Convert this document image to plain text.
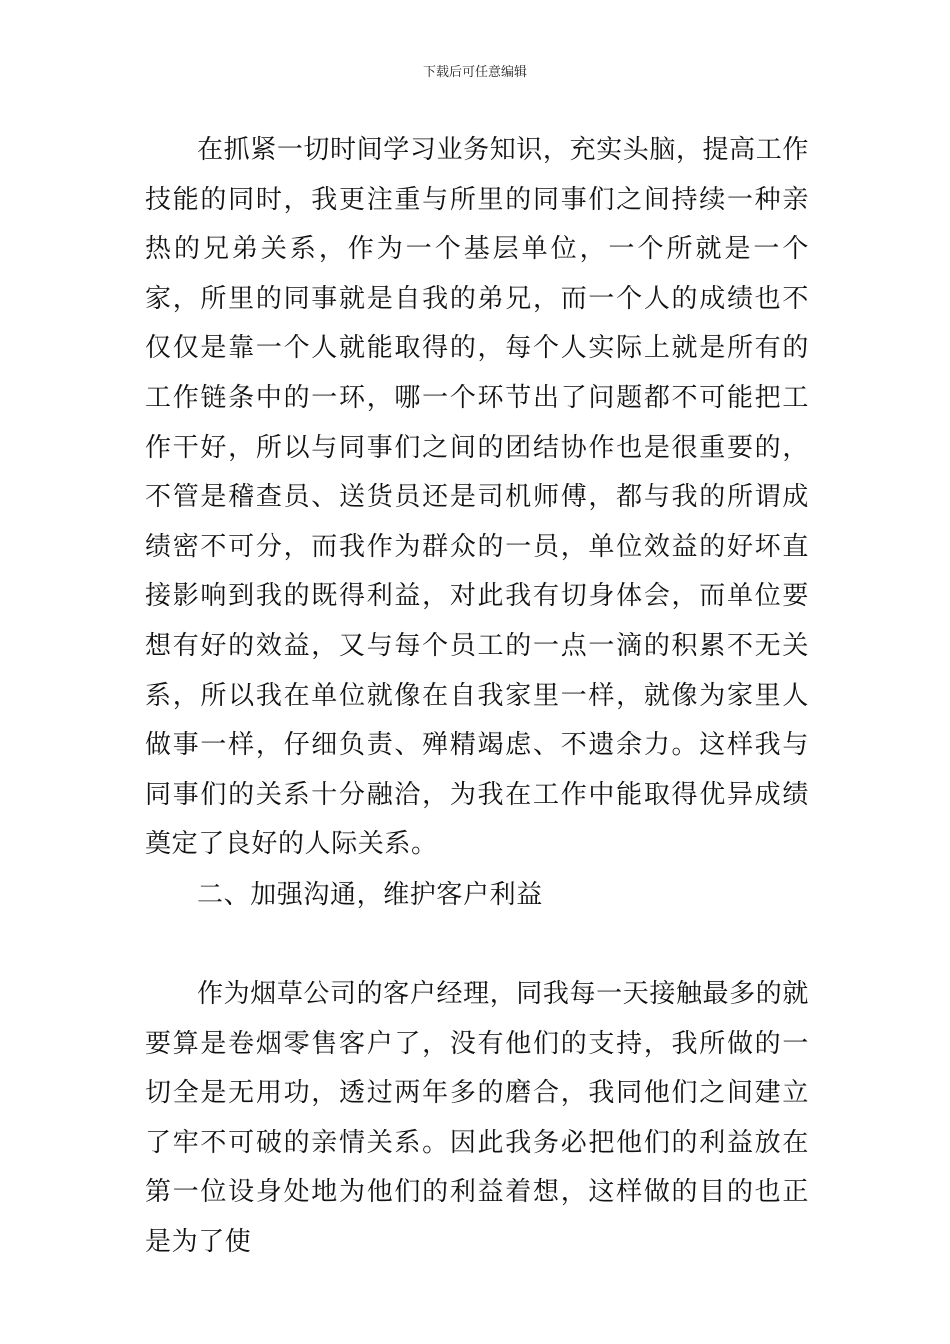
下载后可任意编辑

在抓紧一切时间学习业务知识，充实头脑，提高工作技能的同时，我更注重与所里的同事们之间持续一种亲热的兄弟关系，作为一个基层单位，一个所就是一个家，所里的同事就是自我的弟兄，而一个人的成绩也不仅仅是靠一个人就能取得的，每个人实际上就是所有的工作链条中的一环，哪一个环节出了问题都不可能把工作干好，所以与同事们之间的团结协作也是很重要的，不管是稽查员、送货员还是司机师傅，都与我的所谓成绩密不可分，而我作为群众的一员，单位效益的好坏直接影响到我的既得利益，对此我有切身体会，而单位要想有好的效益，又与每个员工的一点一滴的积累不无关系，所以我在单位就像在自我家里一样，就像为家里人做事一样，仔细负责、殚精竭虑、不遗余力。这样我与同事们的关系十分融洽，为我在工作中能取得优异成绩奠定了良好的人际关系。

二、加强沟通，维护客户利益

作为烟草公司的客户经理，同我每一天接触最多的就要算是卷烟零售客户了，没有他们的支持，我所做的一切全是无用功，透过两年多的磨合，我同他们之间建立了牢不可破的亲情关系。因此我务必把他们的利益放在第一位设身处地为他们的利益着想，这样做的目的也正是为了使
